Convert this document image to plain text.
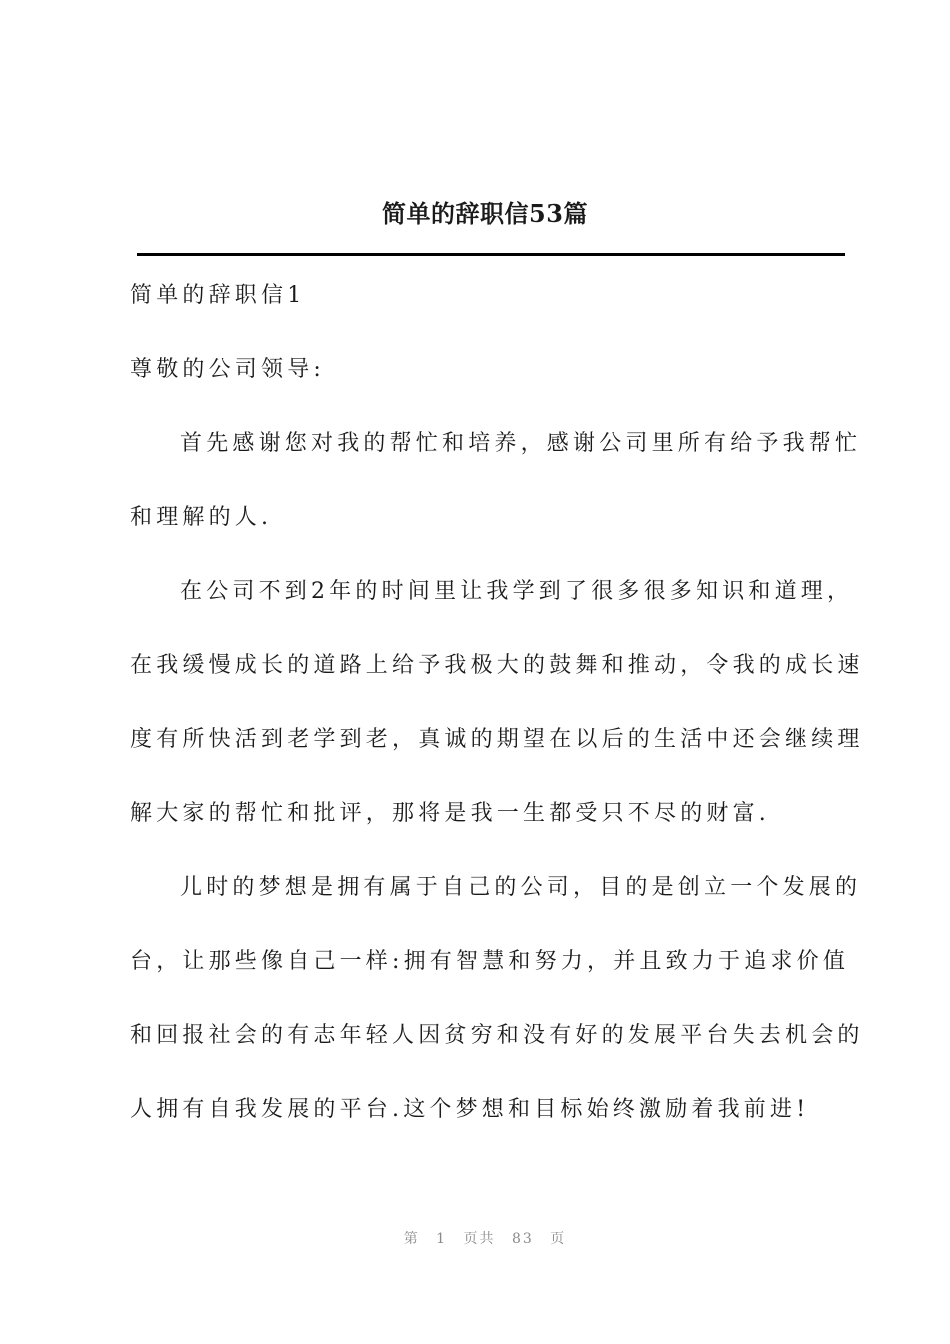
简单的辞职信53篇
简单的辞职信1
尊敬的公司领导:
首先感谢您对我的帮忙和培养，感谢公司里所有给予我帮忙
和理解的人.
在公司不到2年的时间里让我学到了很多很多知识和道理，
在我缓慢成长的道路上给予我极大的鼓舞和推动，令我的成长速
度有所快活到老学到老，真诚的期望在以后的生活中还会继续理
解大家的帮忙和批评，那将是我一生都受只不尽的财富.
儿时的梦想是拥有属于自己的公司，目的是创立一个发展的
台，让那些像自己一样:拥有智慧和努力，并且致力于追求价值
和回报社会的有志年轻人因贫穷和没有好的发展平台失去机会的
人拥有自我发展的平台.这个梦想和目标始终激励着我前进!
第 1 页共 83 页
